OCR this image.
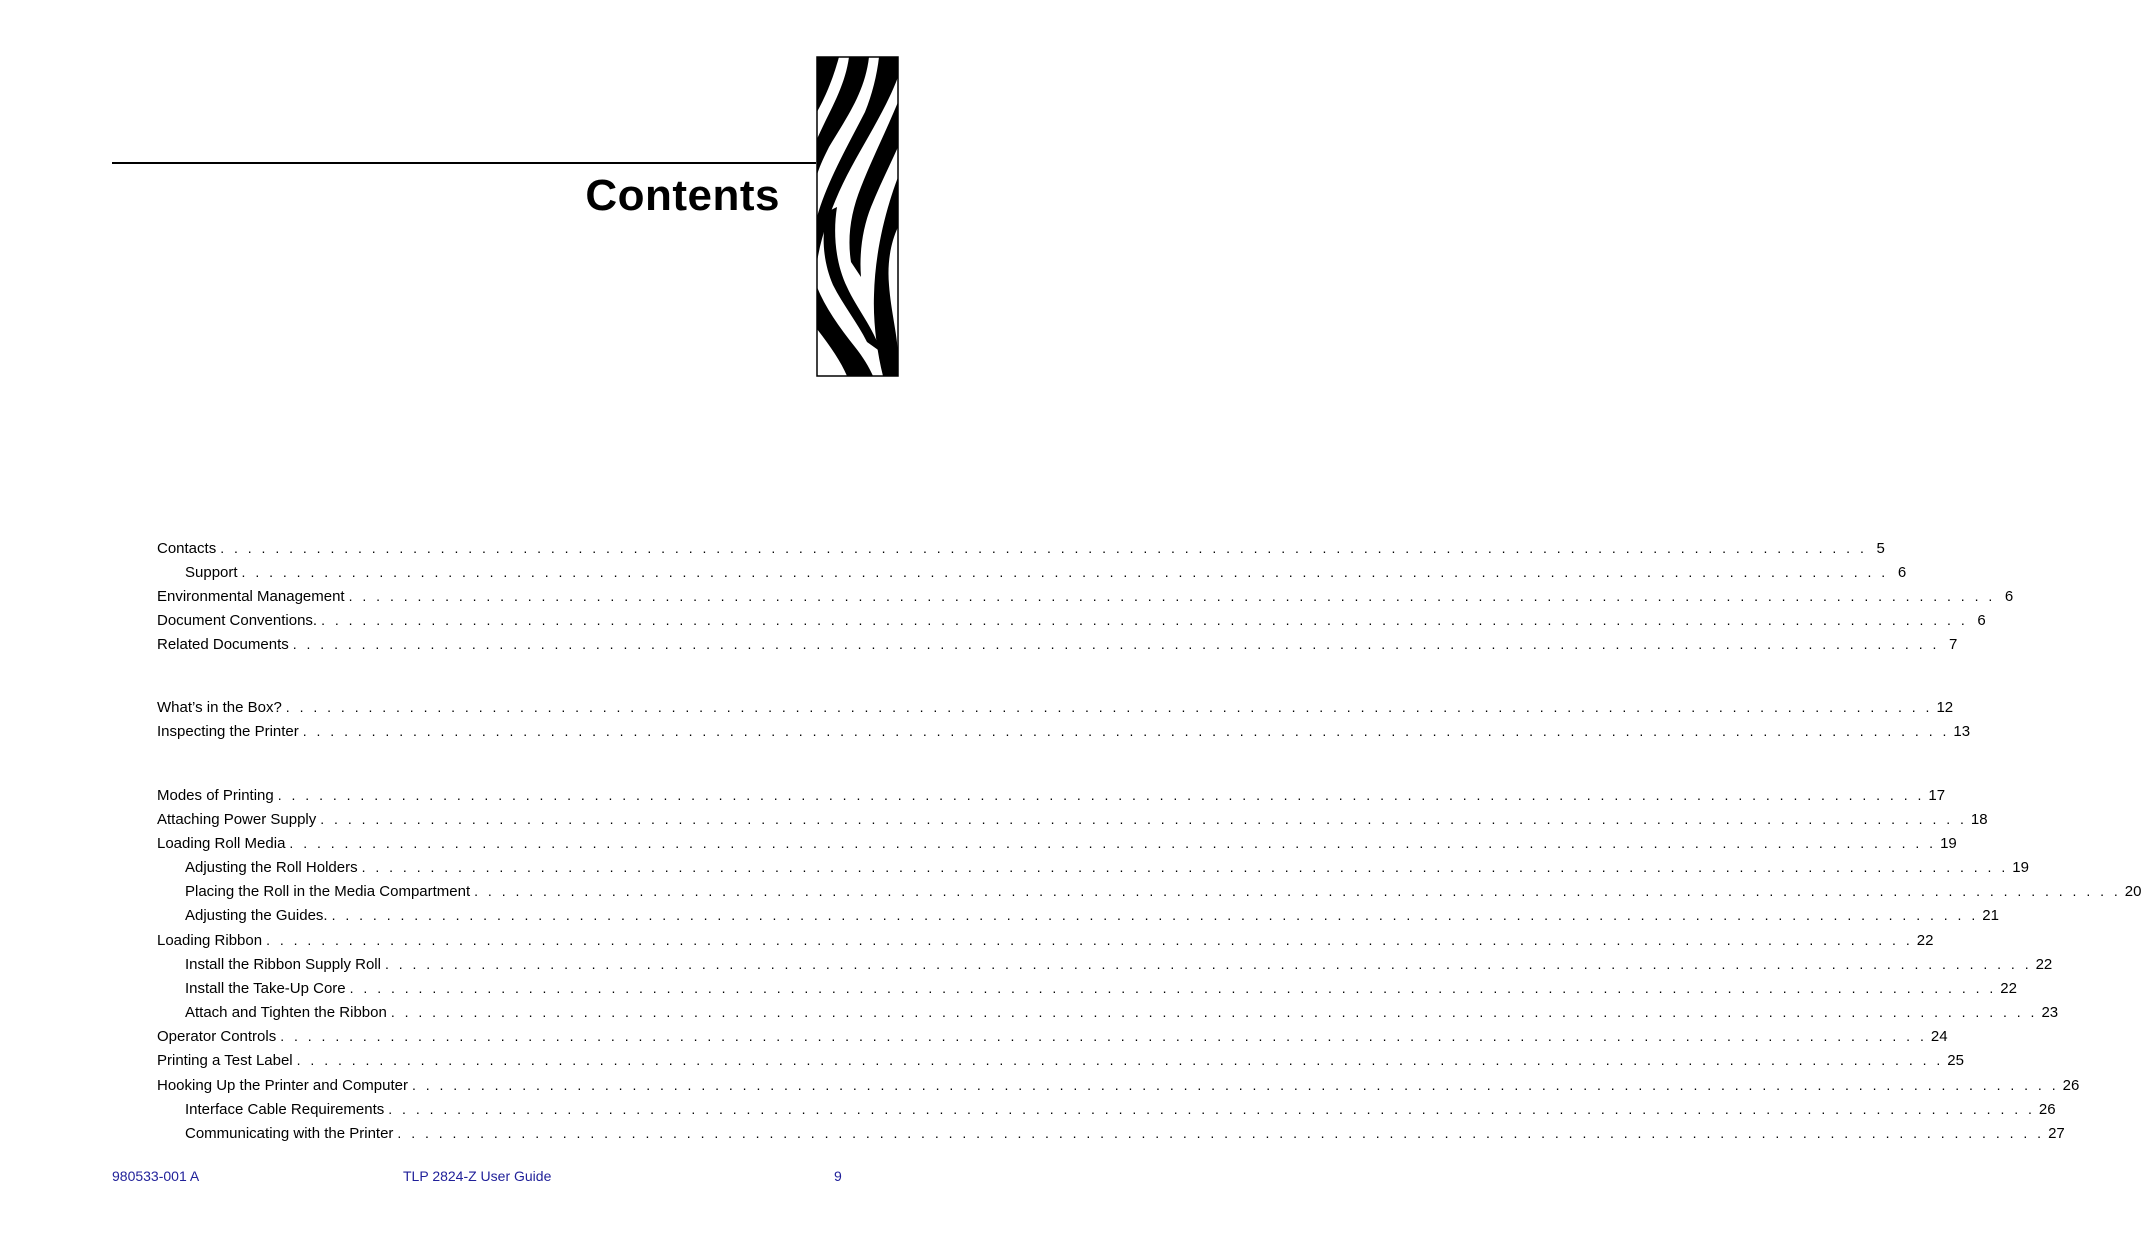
Contents
Contacts . . . . . . . . . . . . . . . . . . . . . . . . . . . . . . . . . . . . . . . . . . . . . . . . . . . . . . . . . . . . . . . . . . . . . . . . . . . . . . . . . . . . . . . . . . . . . . . . . . . . . . . . . . . . . . . . . . . . . . . . 5
Support . . . . . . . . . . . . . . . . . . . . . . . . . . . . . . . . . . . . . . . . . . . . . . . . . . . . . . . . . . . . . . . . . . . . . . . . . . . . . . . . . . . . . . . . . . . . . . . . . . . . . . . . . . . . . . . . . . . . . . . . 6
Environmental Management . . . . . . . . . . . . . . . . . . . . . . . . . . . . . . . . . . . . . . . . . . . . . . . . . . . . . . . . . . . . . . . . . . . . . . . . . . . . . . . . . . . . . . . . . . . . . . . . . . . . . . . . . . . . . . . . . . . . . . . . 6
Document Conventions. . . . . . . . . . . . . . . . . . . . . . . . . . . . . . . . . . . . . . . . . . . . . . . . . . . . . . . . . . . . . . . . . . . . . . . . . . . . . . . . . . . . . . . . . . . . . . . . . . . . . . . . . . . . . . . . . . . . . . . . . 6
Related Documents . . . . . . . . . . . . . . . . . . . . . . . . . . . . . . . . . . . . . . . . . . . . . . . . . . . . . . . . . . . . . . . . . . . . . . . . . . . . . . . . . . . . . . . . . . . . . . . . . . . . . . . . . . . . . . . . . . . . . . . . 7
What’s in the Box? . . . . . . . . . . . . . . . . . . . . . . . . . . . . . . . . . . . . . . . . . . . . . . . . . . . . . . . . . . . . . . . . . . . . . . . . . . . . . . . . . . . . . . . . . . . . . . . . . . . . . . . . . . . . . . . . . . . . . . . . 12
Inspecting the Printer . . . . . . . . . . . . . . . . . . . . . . . . . . . . . . . . . . . . . . . . . . . . . . . . . . . . . . . . . . . . . . . . . . . . . . . . . . . . . . . . . . . . . . . . . . . . . . . . . . . . . . . . . . . . . . . . . . . . . . . . 13
Modes of Printing . . . . . . . . . . . . . . . . . . . . . . . . . . . . . . . . . . . . . . . . . . . . . . . . . . . . . . . . . . . . . . . . . . . . . . . . . . . . . . . . . . . . . . . . . . . . . . . . . . . . . . . . . . . . . . . . . . . . . . . . 17
Attaching Power Supply . . . . . . . . . . . . . . . . . . . . . . . . . . . . . . . . . . . . . . . . . . . . . . . . . . . . . . . . . . . . . . . . . . . . . . . . . . . . . . . . . . . . . . . . . . . . . . . . . . . . . . . . . . . . . . . . . . . . . . . . 18
Loading Roll Media . . . . . . . . . . . . . . . . . . . . . . . . . . . . . . . . . . . . . . . . . . . . . . . . . . . . . . . . . . . . . . . . . . . . . . . . . . . . . . . . . . . . . . . . . . . . . . . . . . . . . . . . . . . . . . . . . . . . . . . . 19
Adjusting the Roll Holders . . . . . . . . . . . . . . . . . . . . . . . . . . . . . . . . . . . . . . . . . . . . . . . . . . . . . . . . . . . . . . . . . . . . . . . . . . . . . . . . . . . . . . . . . . . . . . . . . . . . . . . . . . . . . . . . . . . . . . . . 19
Placing the Roll in the Media Compartment . . . . . . . . . . . . . . . . . . . . . . . . . . . . . . . . . . . . . . . . . . . . . . . . . . . . . . . . . . . . . . . . . . . . . . . . . . . . . . . . . . . . . . . . . . . . . . . . . . . . . . . . . . . . . . . . . . . . . . . . 20
Adjusting the Guides. . . . . . . . . . . . . . . . . . . . . . . . . . . . . . . . . . . . . . . . . . . . . . . . . . . . . . . . . . . . . . . . . . . . . . . . . . . . . . . . . . . . . . . . . . . . . . . . . . . . . . . . . . . . . . . . . . . . . . . . . 21
Loading Ribbon . . . . . . . . . . . . . . . . . . . . . . . . . . . . . . . . . . . . . . . . . . . . . . . . . . . . . . . . . . . . . . . . . . . . . . . . . . . . . . . . . . . . . . . . . . . . . . . . . . . . . . . . . . . . . . . . . . . . . . . . 22
Install the Ribbon Supply Roll . . . . . . . . . . . . . . . . . . . . . . . . . . . . . . . . . . . . . . . . . . . . . . . . . . . . . . . . . . . . . . . . . . . . . . . . . . . . . . . . . . . . . . . . . . . . . . . . . . . . . . . . . . . . . . . . . . . . . . . . 22
Install the Take-Up Core . . . . . . . . . . . . . . . . . . . . . . . . . . . . . . . . . . . . . . . . . . . . . . . . . . . . . . . . . . . . . . . . . . . . . . . . . . . . . . . . . . . . . . . . . . . . . . . . . . . . . . . . . . . . . . . . . . . . . . . . 22
Attach and Tighten the Ribbon . . . . . . . . . . . . . . . . . . . . . . . . . . . . . . . . . . . . . . . . . . . . . . . . . . . . . . . . . . . . . . . . . . . . . . . . . . . . . . . . . . . . . . . . . . . . . . . . . . . . . . . . . . . . . . . . . . . . . . . . 23
Operator Controls . . . . . . . . . . . . . . . . . . . . . . . . . . . . . . . . . . . . . . . . . . . . . . . . . . . . . . . . . . . . . . . . . . . . . . . . . . . . . . . . . . . . . . . . . . . . . . . . . . . . . . . . . . . . . . . . . . . . . . . . 24
Printing a Test Label . . . . . . . . . . . . . . . . . . . . . . . . . . . . . . . . . . . . . . . . . . . . . . . . . . . . . . . . . . . . . . . . . . . . . . . . . . . . . . . . . . . . . . . . . . . . . . . . . . . . . . . . . . . . . . . . . . . . . . . . 25
Hooking Up the Printer and Computer . . . . . . . . . . . . . . . . . . . . . . . . . . . . . . . . . . . . . . . . . . . . . . . . . . . . . . . . . . . . . . . . . . . . . . . . . . . . . . . . . . . . . . . . . . . . . . . . . . . . . . . . . . . . . . . . . . . . . . . . 26
Interface Cable Requirements . . . . . . . . . . . . . . . . . . . . . . . . . . . . . . . . . . . . . . . . . . . . . . . . . . . . . . . . . . . . . . . . . . . . . . . . . . . . . . . . . . . . . . . . . . . . . . . . . . . . . . . . . . . . . . . . . . . . . . . . 26
Communicating with the Printer . . . . . . . . . . . . . . . . . . . . . . . . . . . . . . . . . . . . . . . . . . . . . . . . . . . . . . . . . . . . . . . . . . . . . . . . . . . . . . . . . . . . . . . . . . . . . . . . . . . . . . . . . . . . . . . . . . . . . . . . 27
980533-001 A	TLP 2824-Z User Guide	9
